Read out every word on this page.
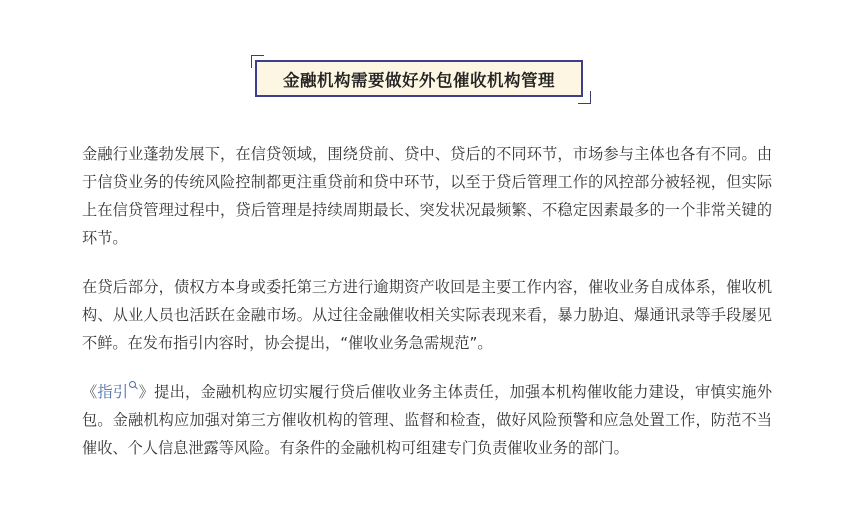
金融机构需要做好外包催收机构管理

金融行业蓬勃发展下，在信贷领域，围绕贷前、贷中、贷后的不同环节，市场参与主体也各有不同。由于信贷业务的传统风险控制都更注重贷前和贷中环节，以至于贷后管理工作的风控部分被轻视，但实际上在信贷管理过程中，贷后管理是持续周期最长、突发状况最频繁、不稳定因素最多的一个非常关键的环节。

在贷后部分，债权方本身或委托第三方进行逾期资产收回是主要工作内容，催收业务自成体系，催收机构、从业人员也活跃在金融市场。从过往金融催收相关实际表现来看，暴力胁迫、爆通讯录等手段屡见不鲜。在发布指引内容时，协会提出，“催收业务急需规范”。

《指引 》提出，金融机构应切实履行贷后催收业务主体责任，加强本机构催收能力建设，审慎实施外包。金融机构应加强对第三方催收机构的管理、监督和检查，做好风险预警和应急处置工作，防范不当催收、个人信息泄露等风险。有条件的金融机构可组建专门负责催收业务的部门。
